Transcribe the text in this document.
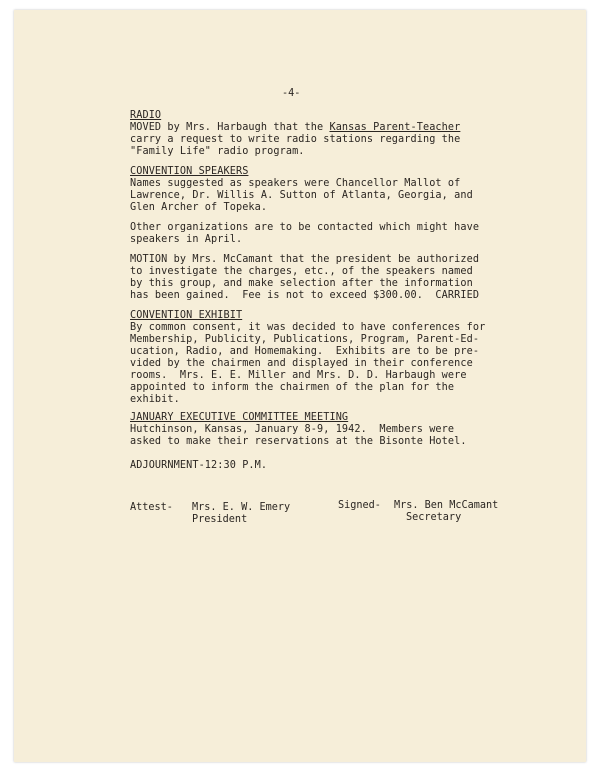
-4-
RADIO
MOVED by Mrs. Harbaugh that the Kansas Parent-Teacher
carry a request to write radio stations regarding the
"Family Life" radio program.
CONVENTION SPEAKERS
Names suggested as speakers were Chancellor Mallot of
Lawrence, Dr. Willis A. Sutton of Atlanta, Georgia, and
Glen Archer of Topeka.
Other organizations are to be contacted which might have
speakers in April.
MOTION by Mrs. McCamant that the president be authorized
to investigate the charges, etc., of the speakers named
by this group, and make selection after the information
has been gained.  Fee is not to exceed $300.00.  CARRIED
CONVENTION EXHIBIT
By common consent, it was decided to have conferences for
Membership, Publicity, Publications, Program, Parent-Ed-
ucation, Radio, and Homemaking.  Exhibits are to be pre-
vided by the chairmen and displayed in their conference
rooms.  Mrs. E. E. Miller and Mrs. D. D. Harbaugh were
appointed to inform the chairmen of the plan for the
exhibit.
JANUARY EXECUTIVE COMMITTEE MEETING
Hutchinson, Kansas, January 8-9, 1942.  Members were
asked to make their reservations at the Bisonte Hotel.
ADJOURNMENT-12:30 P.M.
Attest- Mrs. E. W. Emery
President
Signed- Mrs. Ben McCamant
Secretary
